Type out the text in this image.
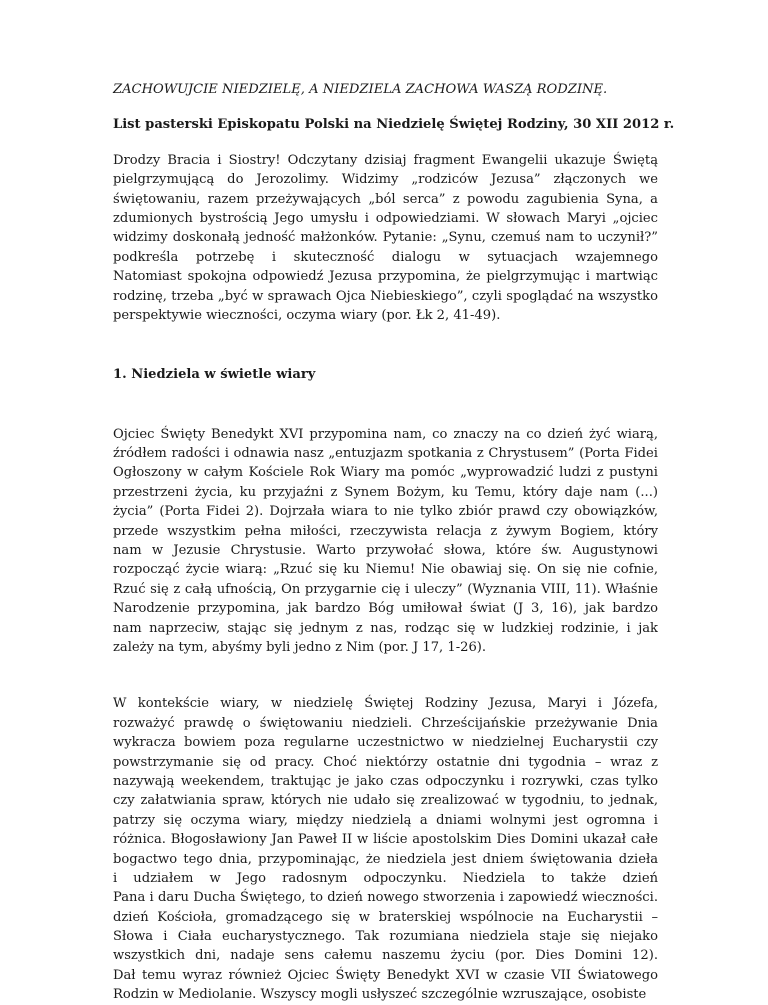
ZACHOWUJCIE NIEDZIELĘ, A NIEDZIELA ZACHOWA WASZĄ RODZINĘ.
List pasterski Episkopatu Polski na Niedzielę Świętej Rodziny, 30 XII 2012 r.
Drodzy Bracia i Siostry! Odczytany dzisiaj fragment Ewangelii ukazuje Świętą
pielgrzymującą do Jerozolimy. Widzimy „rodziców Jezusa” złączonych we
świętowaniu, razem przeżywających „ból serca” z powodu zagubienia Syna, a
zdumionych bystrością Jego umysłu i odpowiedziami. W słowach Maryi „ojciec
widzimy doskonałą jedność małżonków. Pytanie: „Synu, czemuś nam to uczynił?”
podkreśla potrzebę i skuteczność dialogu w sytuacjach wzajemnego
Natomiast spokojna odpowiedź Jezusa przypomina, że pielgrzymując i martwiąc
rodzinę, trzeba „być w sprawach Ojca Niebieskiego”, czyli spoglądać na wszystko
perspektywie wieczności, oczyma wiary (por. Łk 2, 41-49).
1. Niedziela w świetle wiary
Ojciec Święty Benedykt XVI przypomina nam, co znaczy na co dzień żyć wiarą,
źródłem radości i odnawia nasz „entuzjazm spotkania z Chrystusem” (Porta Fidei
Ogłoszony w całym Kościele Rok Wiary ma pomóc „wyprowadzić ludzi z pustyni
przestrzeni życia, ku przyjaźni z Synem Bożym, ku Temu, który daje nam (...)
życia” (Porta Fidei 2). Dojrzała wiara to nie tylko zbiór prawd czy obowiązków,
przede wszystkim pełna miłości, rzeczywista relacja z żywym Bogiem, który
nam w Jezusie Chrystusie. Warto przywołać słowa, które św. Augustynowi
rozpocząć życie wiarą: „Rzuć się ku Niemu! Nie obawiaj się. On się nie cofnie,
Rzuć się z całą ufnością, On przygarnie cię i uleczy” (Wyznania VIII, 11). Właśnie
Narodzenie przypomina, jak bardzo Bóg umiłował świat (J 3, 16), jak bardzo
nam naprzeciw, stając się jednym z nas, rodząc się w ludzkiej rodzinie, i jak
zależy na tym, abyśmy byli jedno z Nim (por. J 17, 1-26).
W kontekście wiary, w niedzielę Świętej Rodziny Jezusa, Maryi i Józefa,
rozważyć prawdę o świętowaniu niedzieli. Chrześcijańskie przeżywanie Dnia
wykracza bowiem poza regularne uczestnictwo w niedzielnej Eucharystii czy
powstrzymanie się od pracy. Choć niektórzy ostatnie dni tygodnia – wraz z
nazywają weekendem, traktując je jako czas odpoczynku i rozrywki, czas tylko
czy załatwiania spraw, których nie udało się zrealizować w tygodniu, to jednak,
patrzy się oczyma wiary, między niedzielą a dniami wolnymi jest ogromna i
różnica. Błogosławiony Jan Paweł II w liście apostolskim Dies Domini ukazał całe
bogactwo tego dnia, przypominając, że niedziela jest dniem świętowania dzieła
i udziałem w Jego radosnym odpoczynku. Niedziela to także dzień
Pana i daru Ducha Świętego, to dzień nowego stworzenia i zapowiedź wieczności.
dzień Kościoła, gromadzącego się w braterskiej wspólnocie na Eucharystii –
Słowa i Ciała eucharystycznego. Tak rozumiana niedziela staje się niejako
wszystkich dni, nadaje sens całemu naszemu życiu (por. Dies Domini 12).
Dał temu wyraz również Ojciec Święty Benedykt XVI w czasie VII Światowego
Rodzin w Mediolanie. Wszyscy mogli usłyszeć szczególnie wzruszające, osobiste
